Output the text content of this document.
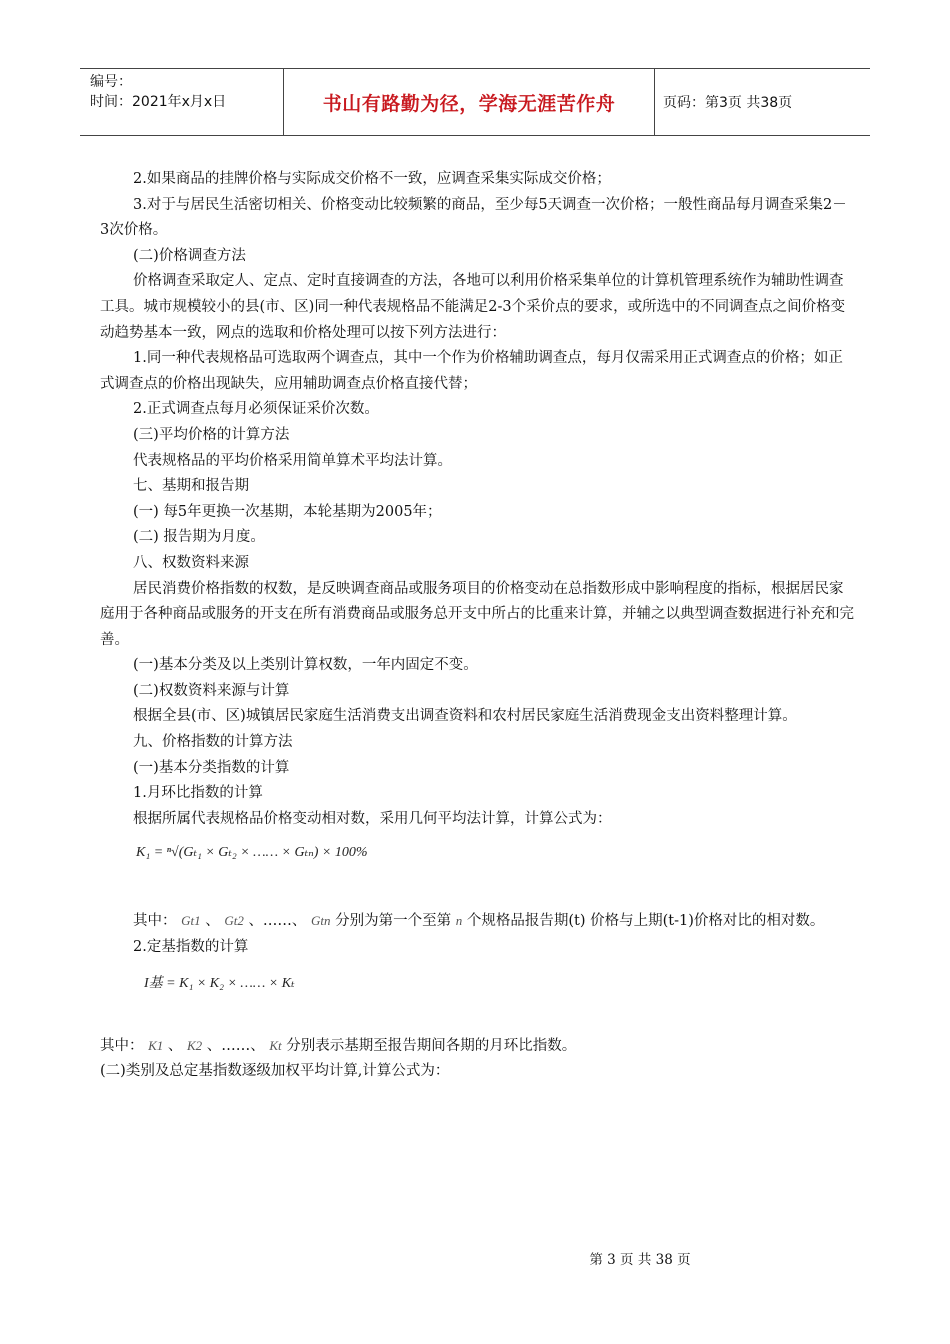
编号：
时间：2021年x月x日	书山有路勤为径，学海无涯苦作舟	页码：第3页 共38页

2.如果商品的挂牌价格与实际成交价格不一致，应调查采集实际成交价格；

3.对于与居民生活密切相关、价格变动比较频繁的商品，至少每5天调查一次价格；一般性商品每月调查采集2－3次价格。

(二)价格调查方法

价格调查采取定人、定点、定时直接调查的方法，各地可以利用价格采集单位的计算机管理系统作为辅助性调查工具。城市规模较小的县(市、区)同一种代表规格品不能满足2-3个采价点的要求，或所选中的不同调查点之间价格变动趋势基本一致，网点的选取和价格处理可以按下列方法进行：

1.同一种代表规格品可选取两个调查点，其中一个作为价格辅助调查点，每月仅需采用正式调查点的价格；如正式调查点的价格出现缺失，应用辅助调查点价格直接代替；

2.正式调查点每月必须保证采价次数。

(三)平均价格的计算方法

代表规格品的平均价格采用简单算术平均法计算。

七、基期和报告期

(一) 每5年更换一次基期，本轮基期为2005年；

(二) 报告期为月度。

八、权数资料来源

居民消费价格指数的权数，是反映调查商品或服务项目的价格变动在总指数形成中影响程度的指标，根据居民家庭用于各种商品或服务的开支在所有消费商品或服务总开支中所占的比重来计算，并辅之以典型调查数据进行补充和完善。

(一)基本分类及以上类别计算权数，一年内固定不变。

(二)权数资料来源与计算

根据全县(市、区)城镇居民家庭生活消费支出调查资料和农村居民家庭生活消费现金支出资料整理计算。

九、价格指数的计算方法

(一)基本分类指数的计算

1.月环比指数的计算

根据所属代表规格品价格变动相对数，采用几何平均法计算，计算公式为：

K₁ = ⁿ√(Gₜ₁ × Gₜ₂ × …… × Gₜₙ) × 100%

其中： Gt1 、 Gt2 、……、 Gtn 分别为第一个至第 n 个规格品报告期(t) 价格与上期(t-1)价格对比的相对数。

2.定基指数的计算

I基 = K₁ × K₂ × …… × Kₜ

其中： K1 、 K2 、……、 Kt 分别表示基期至报告期间各期的月环比指数。

(二)类别及总定基指数逐级加权平均计算,计算公式为：

第 3 页 共 38 页
